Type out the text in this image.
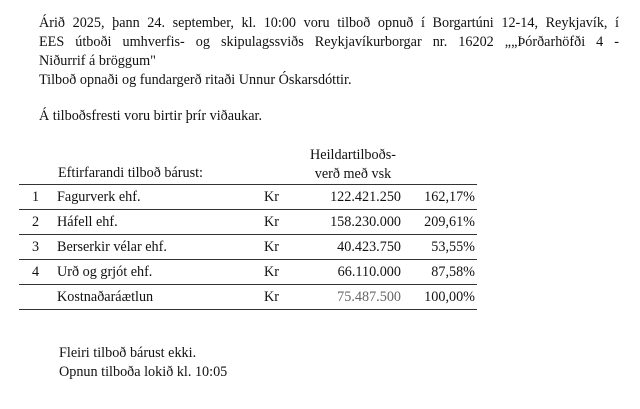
Árið 2025, þann 24. september, kl. 10:00 voru tilboð opnuð í Borgartúni 12-14, Reykjavík, í
EES útboði umhverfis- og skipulagssviðs Reykjavíkurborgar nr. 16202 „„Þórðarhöfði 4 -
Niðurrif á bröggum"
Tilboð opnaði og fundargerð ritaði Unnur Óskarsdóttir.
Á tilboðsfresti voru birtir þrír viðaukar.
Heildartilboðs-
verð með vsk
Eftirfarandi tilboð bárust:
1 Fagurverk ehf.	Kr	122.421.250	162,17%
2 Háfell ehf.	Kr	158.230.000	209,61%
3 Berserkir vélar ehf.	Kr	40.423.750	53,55%
4 Urð og grjót ehf.	Kr	66.110.000	87,58%
Kostnaðaráætlun	Kr	75.487.500	100,00%
Fleiri tilboð bárust ekki.
Opnun tilboða lokið kl. 10:05
